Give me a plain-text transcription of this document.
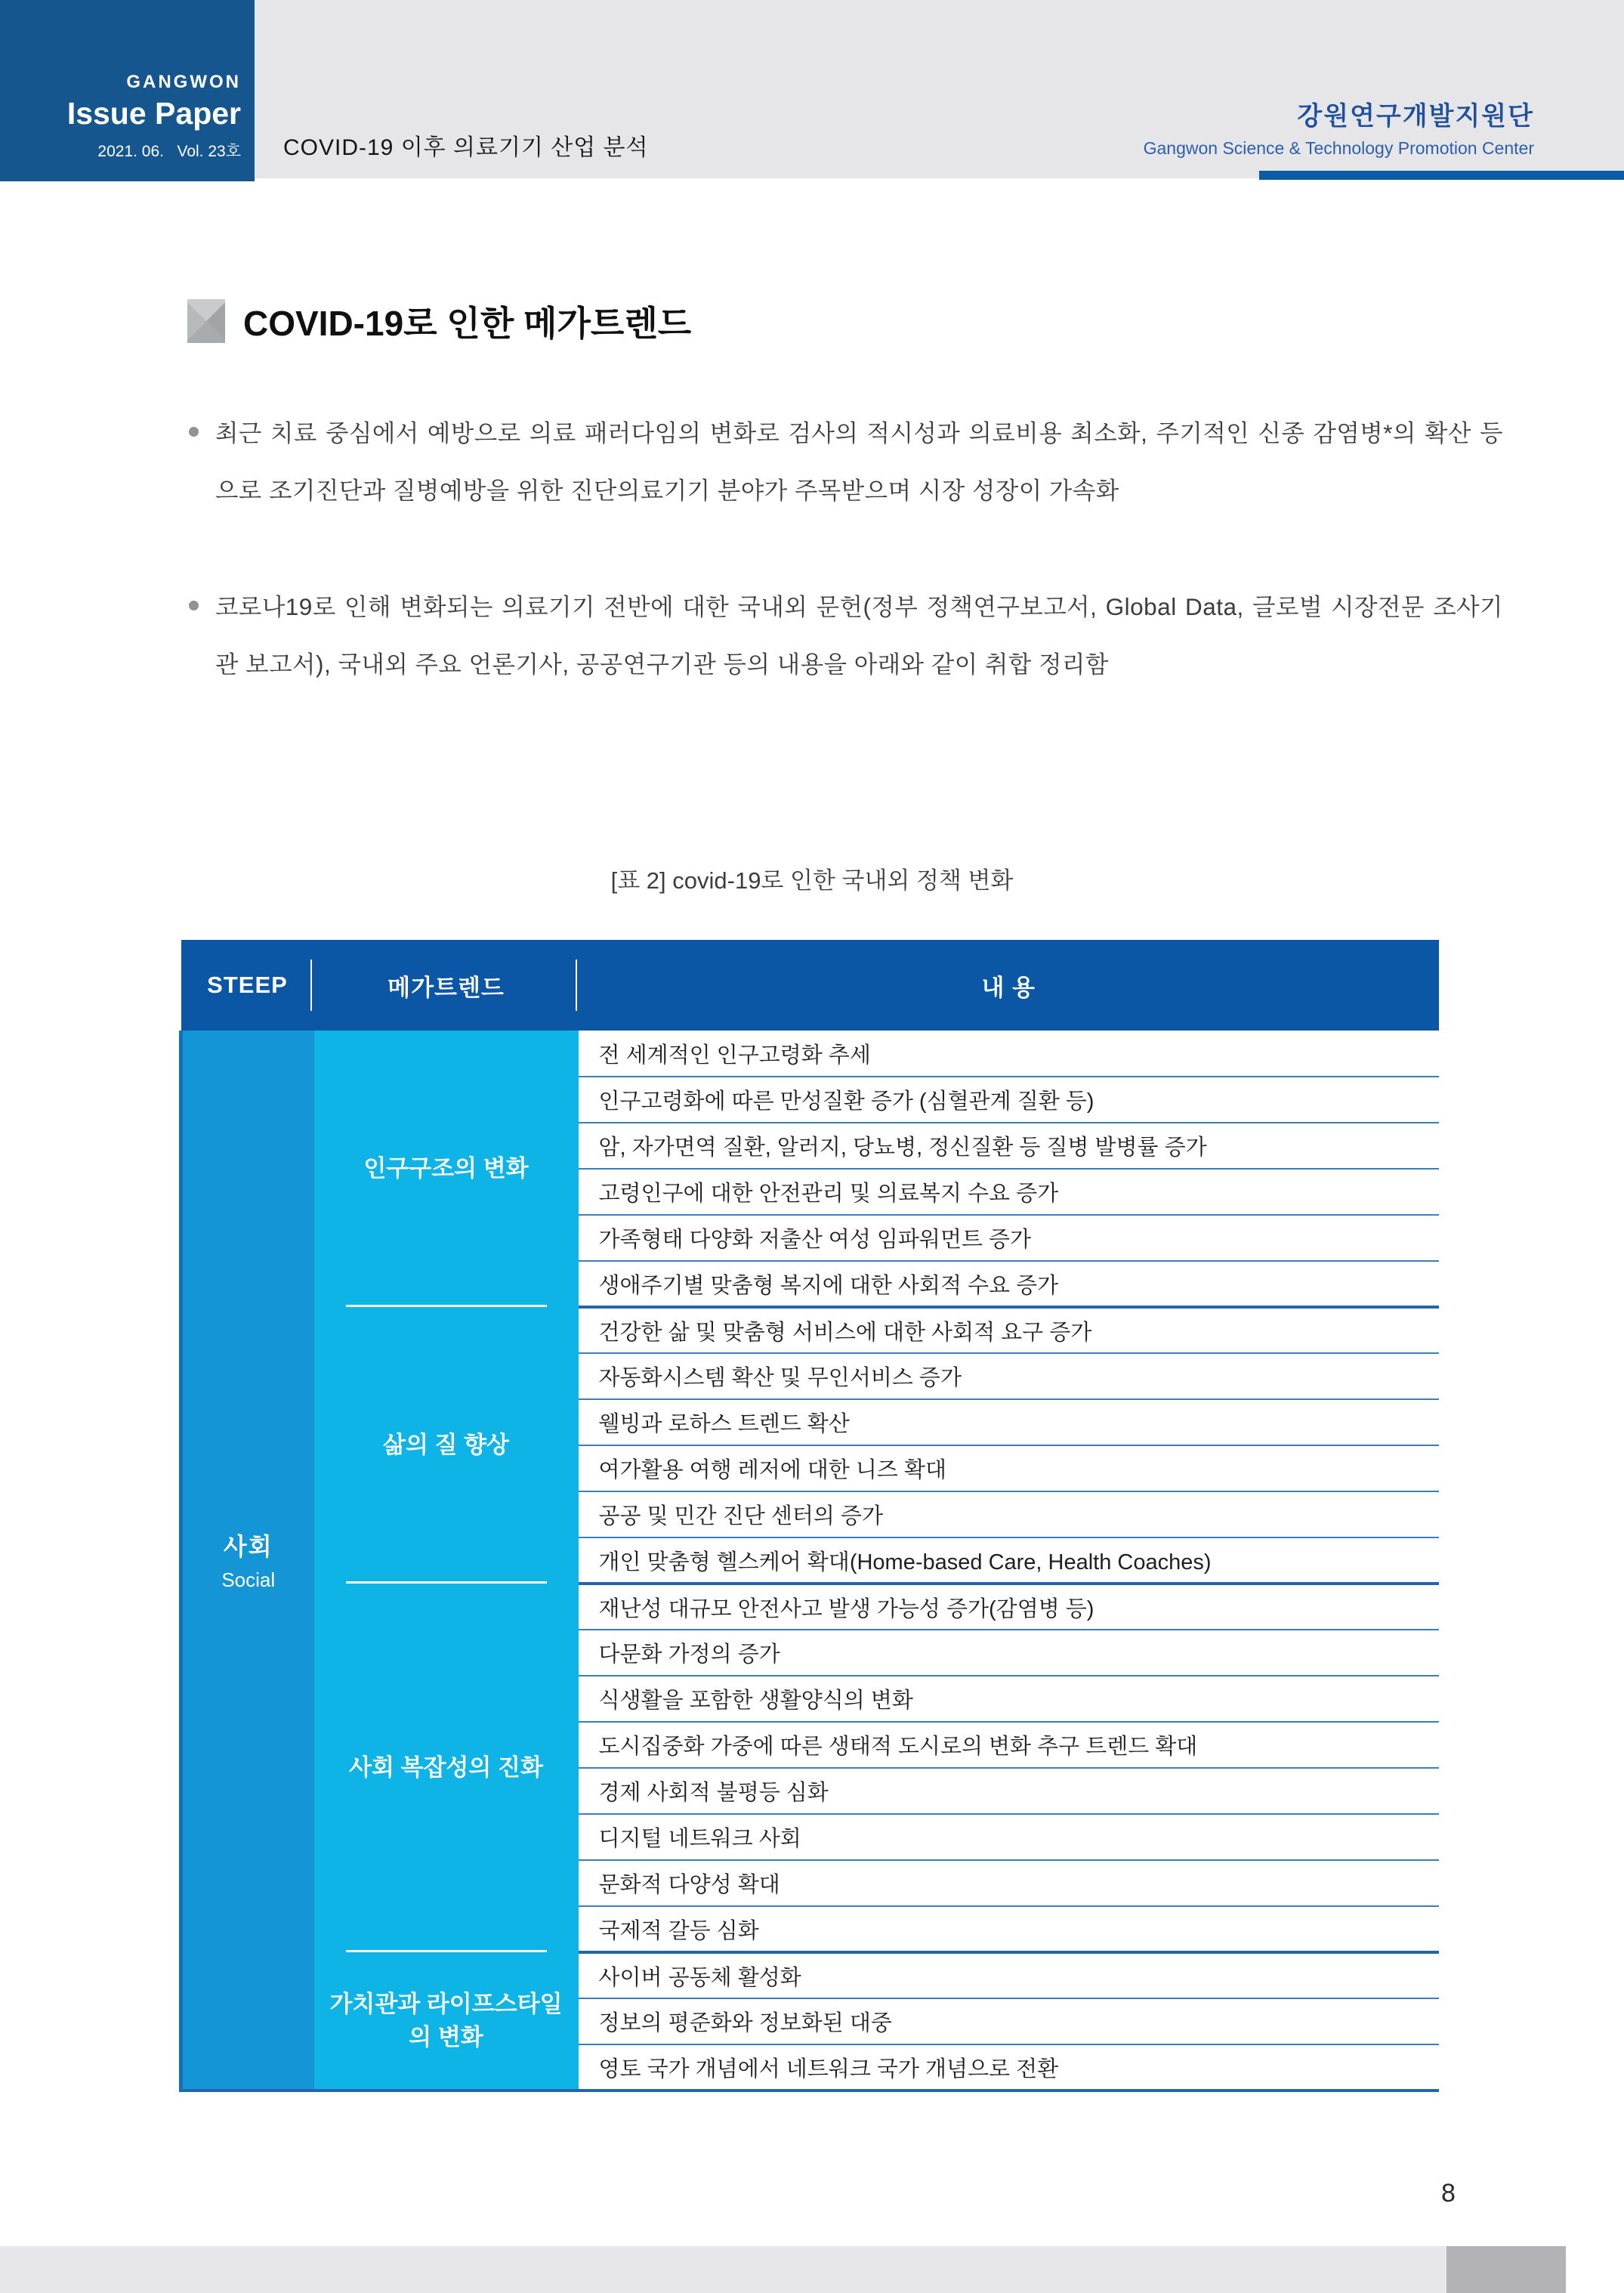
GANGWON
Issue Paper
2021. 06.   Vol. 23호 COVID-19 이후 의료기기 산업 분석
강원연구개발지원단
Gangwon Science & Technology Promotion Center
COVID-19로 인한 메가트렌드
최근 치료 중심에서 예방으로 의료 패러다임의 변화로 검사의 적시성과 의료비용 최소화, 주기적인 신종 감염병*의 확산 등으로 조기진단과 질병예방을 위한 진단의료기기 분야가 주목받으며 시장 성장이 가속화
코로나19로 인해 변화되는 의료기기 전반에 대한 국내외 문헌(정부 정책연구보고서, Global Data, 글로벌 시장전문 조사기관 보고서), 국내외 주요 언론기사, 공공연구기관 등의 내용을 아래와 같이 취합 정리함
[표 2] covid-19로 인한 국내외 정책 변화
STEEP	메가트렌드	내 용

사회
Social	인구구조의 변화	전 세계적인 인구고령화 추세
		인구고령화에 따른 만성질환 증가 (심혈관계 질환 등)
		암, 자가면역 질환, 알러지, 당뇨병, 정신질환 등 질병 발병률 증가
		고령인구에 대한 안전관리 및 의료복지 수요 증가
		가족형태 다양화 저출산 여성 임파워먼트 증가
		생애주기별 맞춤형 복지에 대한 사회적 수요 증가

	삶의 질 향상	건강한 삶 및 맞춤형 서비스에 대한 사회적 요구 증가
		자동화시스템 확산 및 무인서비스 증가
		웰빙과 로하스 트렌드 확산
		여가활용 여행 레저에 대한 니즈 확대
		공공 및 민간 진단 센터의 증가
		개인 맞춤형 헬스케어 확대(Home-based Care, Health Coaches)

	사회 복잡성의 진화	재난성 대규모 안전사고 발생 가능성 증가(감염병 등)
		다문화 가정의 증가
		식생활을 포함한 생활양식의 변화
		도시집중화 가중에 따른 생태적 도시로의 변화 추구 트렌드 확대
		경제 사회적 불평등 심화
		디지털 네트워크 사회
		문화적 다양성 확대
		국제적 갈등 심화

	가치관과 라이프스타일의 변화	사이버 공동체 활성화
		정보의 평준화와 정보화된 대중
		영토 국가 개념에서 네트워크 국가 개념으로 전환
8
